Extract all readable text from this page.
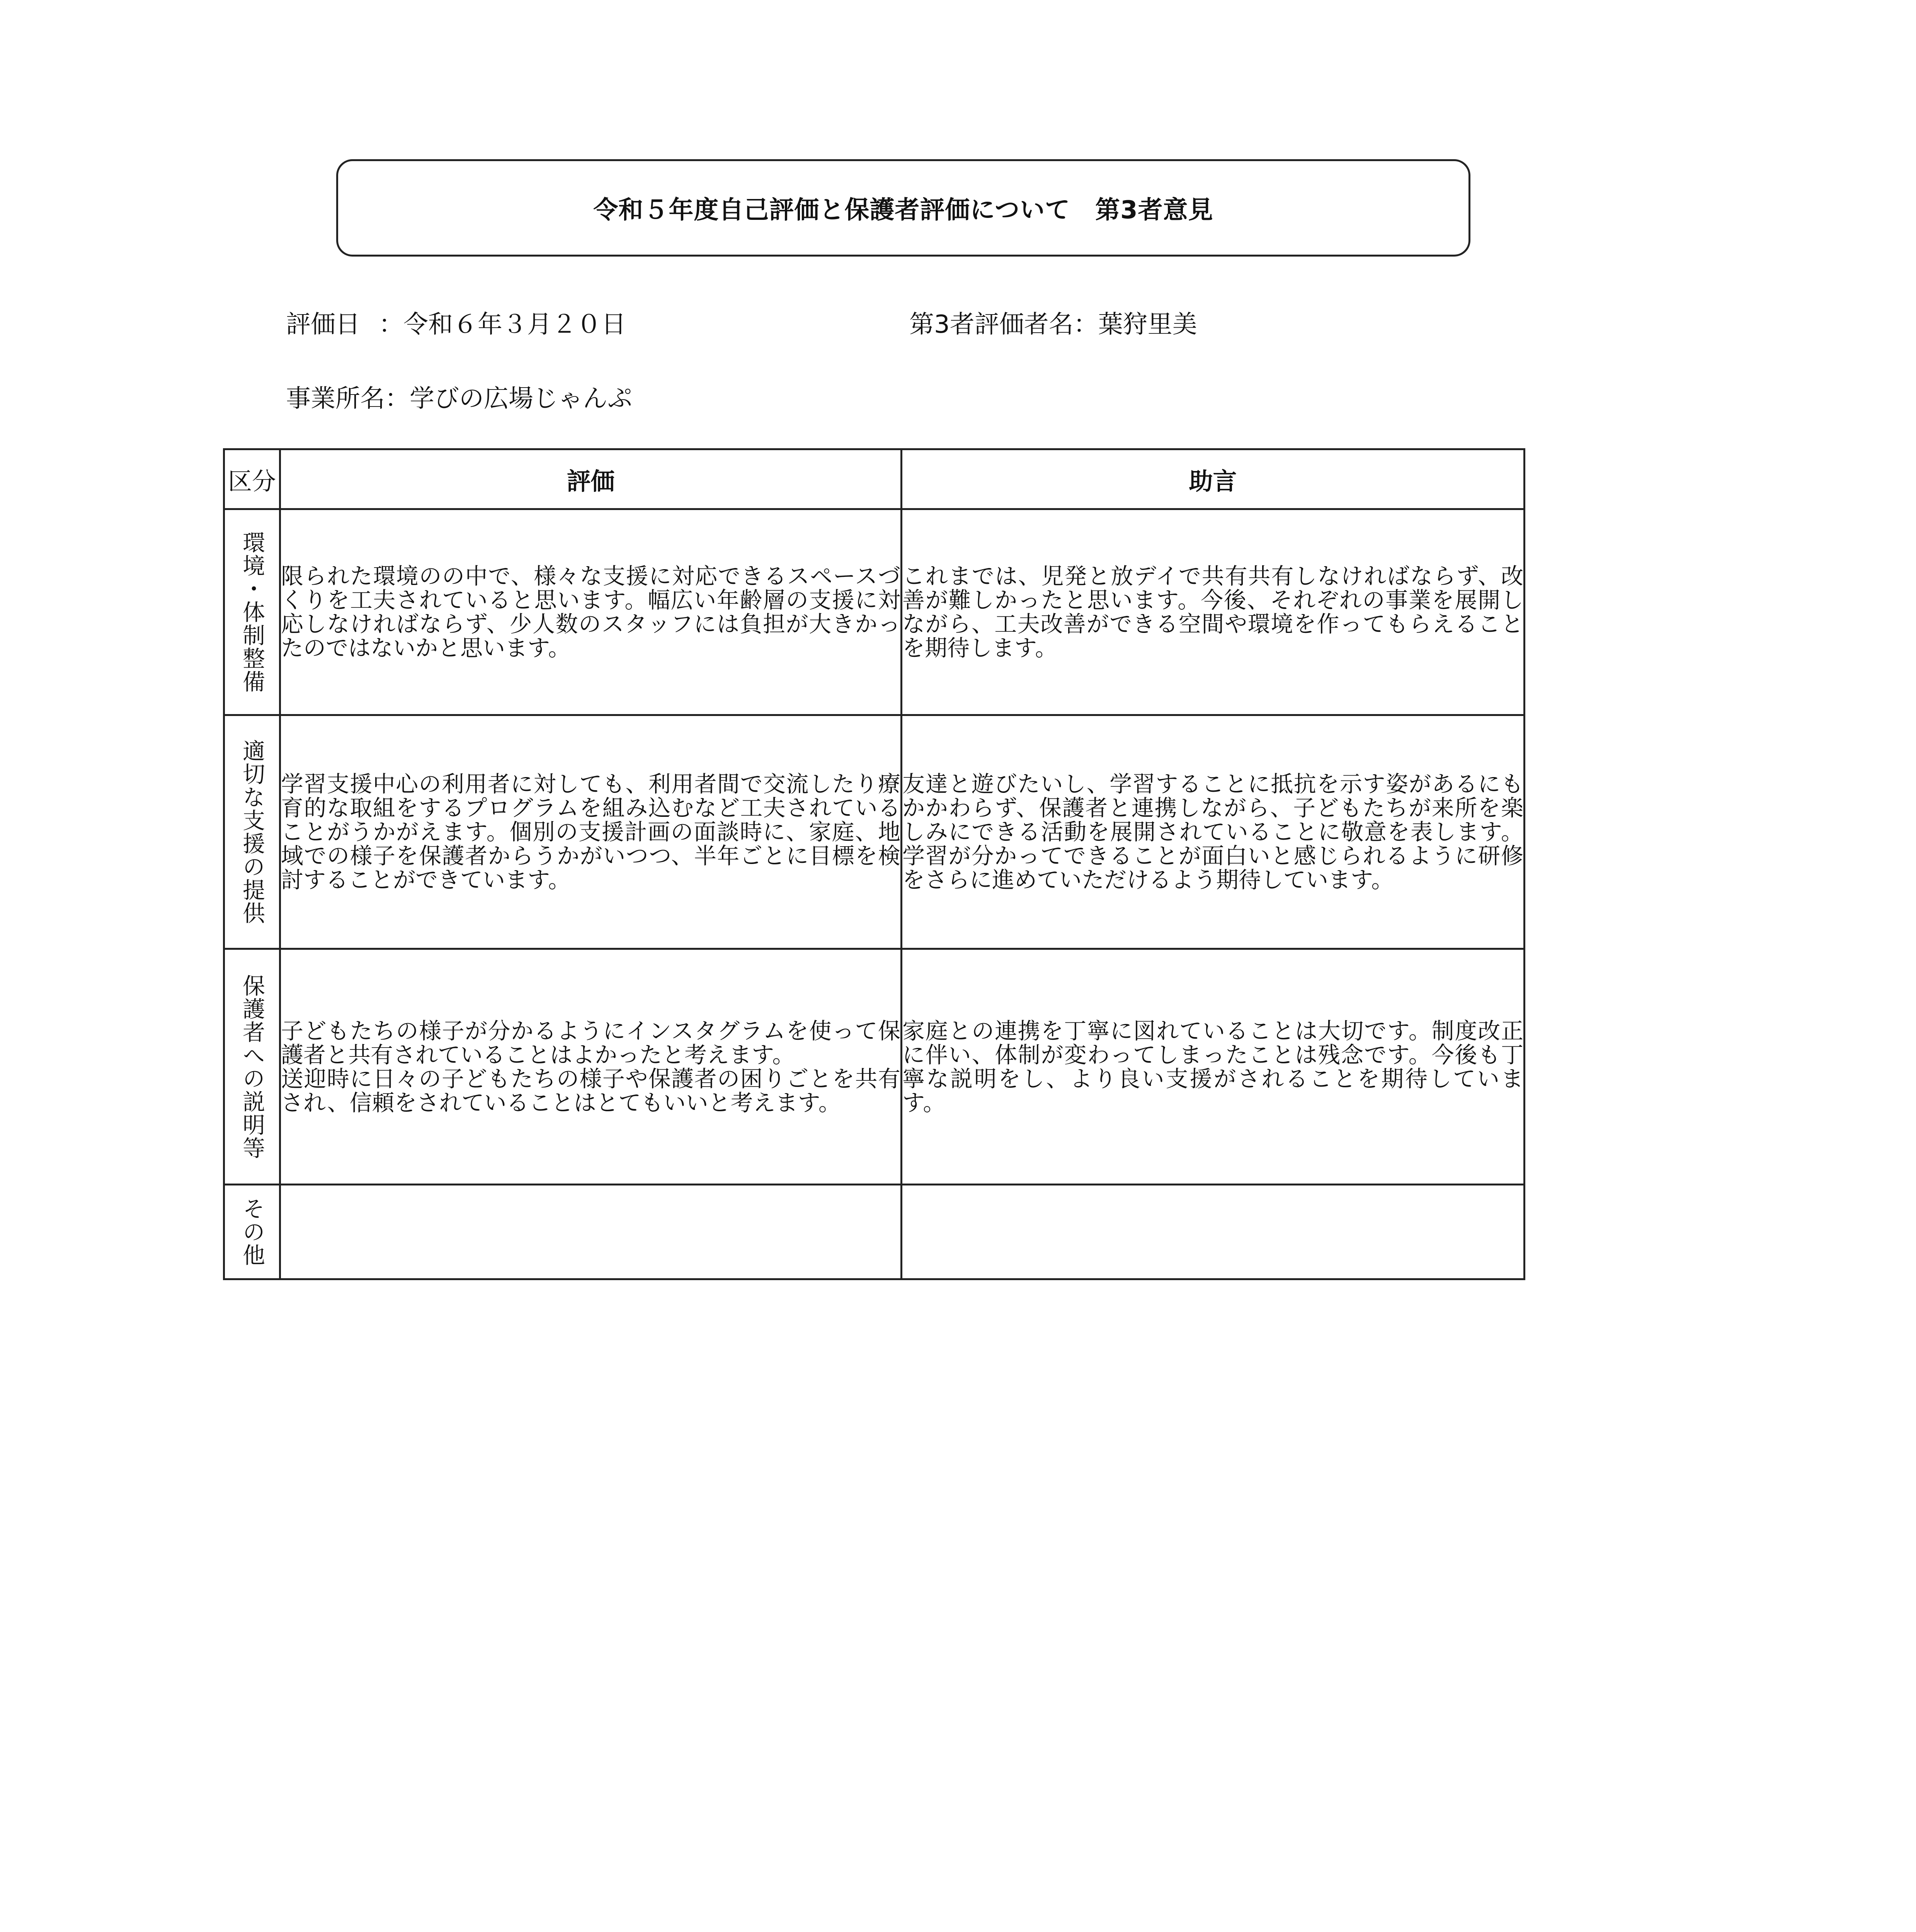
令和５年度自己評価と保護者評価について　第3者意見
評価日 ：令和６年３月２０日	第3者評価者名：葉狩里美
事業所名：学びの広場じゃんぷ
区分	評価	助言

環境・体制整備	限られた環境のの中で、様々な支援に対応できるスペースづくりを工夫されていると思います。幅広い年齢層の支援に対応しなければならず、少人数のスタッフには負担が大きかったのではないかと思います。	これまでは、児発と放デイで共有共有しなければならず、改善が難しかったと思います。今後、それぞれの事業を展開しながら、工夫改善ができる空間や環境を作ってもらえることを期待します。

適切な支援の提供	学習支援中心の利用者に対しても、利用者間で交流したり療育的な取組をするプログラムを組み込むなど工夫されていることがうかがえます。個別の支援計画の面談時に、家庭、地域での様子を保護者からうかがいつつ、半年ごとに目標を検討することができています。	友達と遊びたいし、学習することに抵抗を示す姿があるにもかかわらず、保護者と連携しながら、子どもたちが来所を楽しみにできる活動を展開されていることに敬意を表します。学習が分かってできることが面白いと感じられるように研修をさらに進めていただけるよう期待しています。

保護者への説明等	子どもたちの様子が分かるようにインスタグラムを使って保護者と共有されていることはよかったと考えます。
送迎時に日々の子どもたちの様子や保護者の困りごとを共有され、信頼をされていることはとてもいいと考えます。	家庭との連携を丁寧に図れていることは大切です。制度改正に伴い、体制が変わってしまったことは残念です。今後も丁寧な説明をし、より良い支援がされることを期待しています。

その他		
